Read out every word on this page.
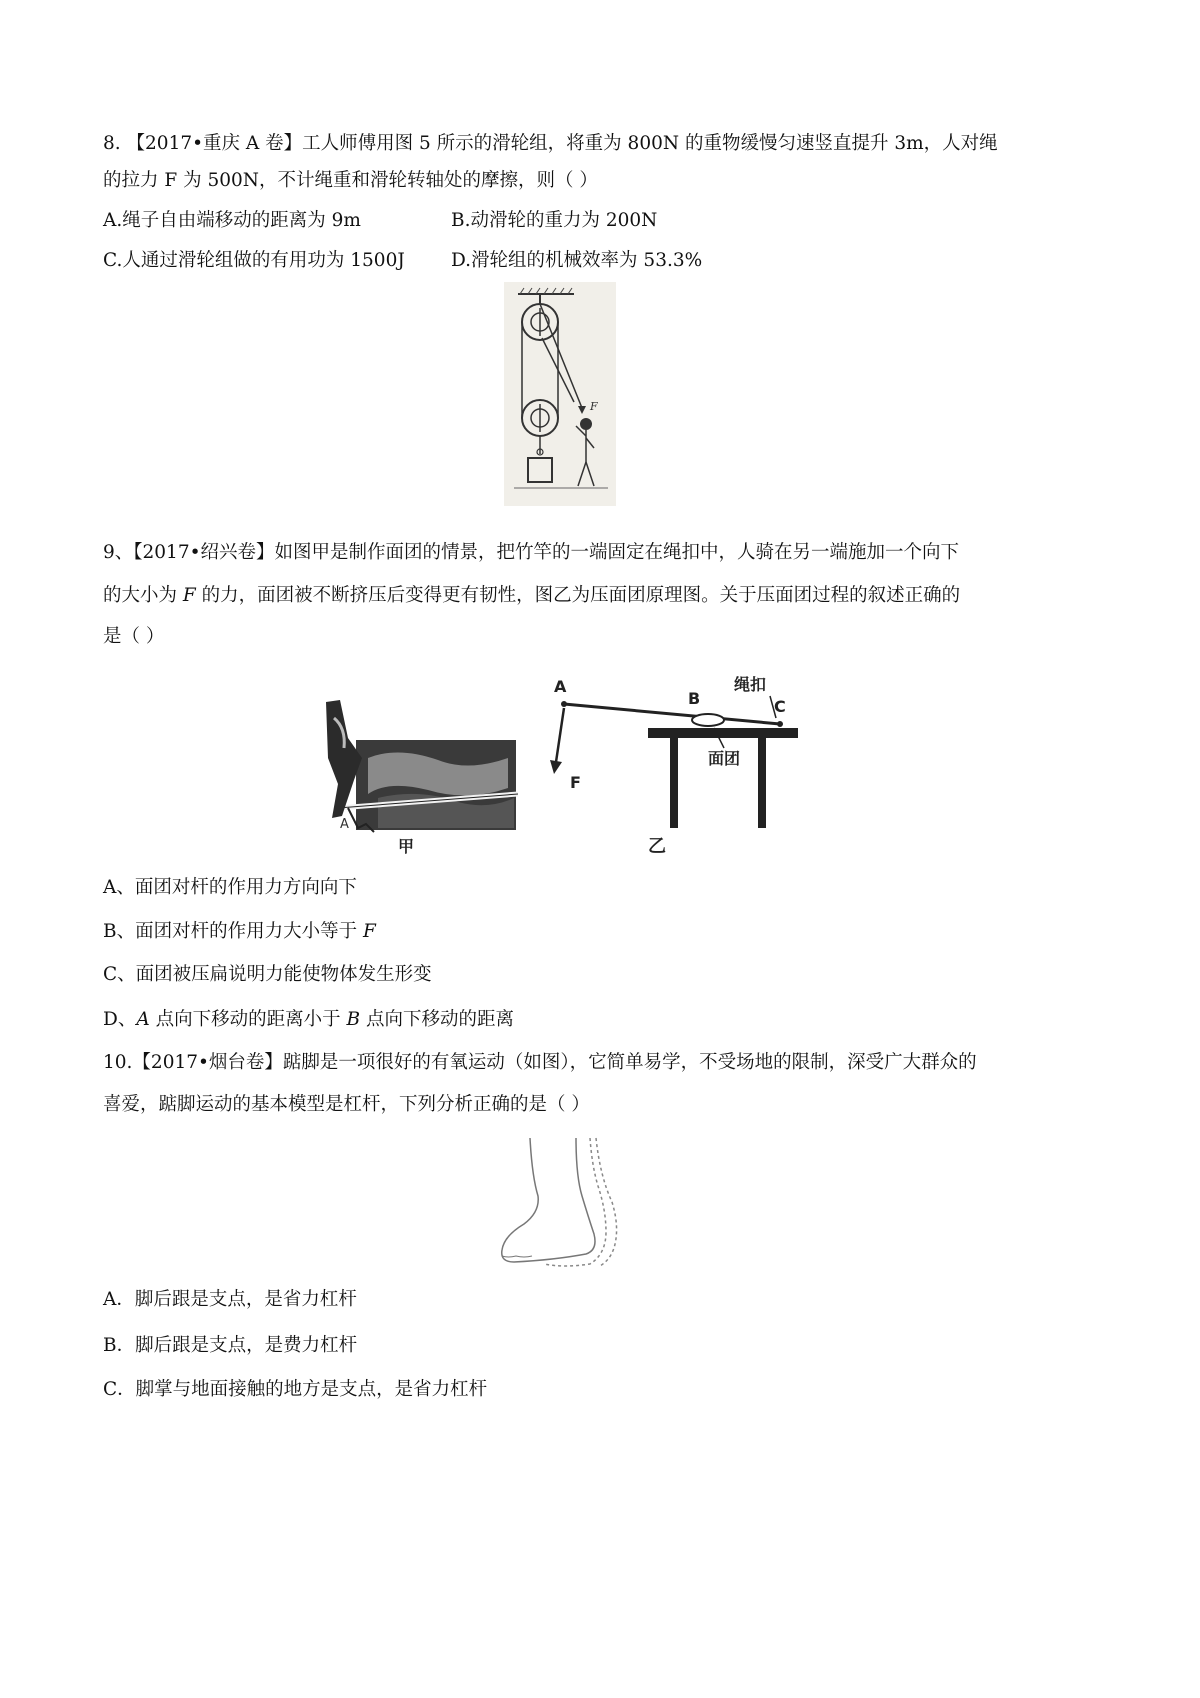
8. 【2017•重庆 A 卷】工人师傅用图 5 所示的滑轮组，将重为 800N 的重物缓慢匀速竖直提升 3m，人对绳
的拉力 F 为 500N，不计绳重和滑轮转轴处的摩擦，则（ ）
A.绳子自由端移动的距离为 9m	B.动滑轮的重力为 200N
C.人通过滑轮组做的有用功为 1500J D.滑轮组的机械效率为 53.3%
F
9、【2017•绍兴卷】如图甲是制作面团的情景，把竹竿的一端固定在绳扣中，人骑在另一端施加一个向下
的大小为 F 的力，面团被不断挤压后变得更有韧性，图乙为压面团原理图。关于压面团过程的叙述正确的
是（ ）
A
甲
A
B	C
绳扣
面团
F
乙
A、面团对杆的作用力方向向下
B、面团对杆的作用力大小等于 F
C、面团被压扁说明力能使物体发生形变
D、A 点向下移动的距离小于 B 点向下移动的距离
10.【2017•烟台卷】踮脚是一项很好的有氧运动（如图），它简单易学，不受场地的限制，深受广大群众的
喜爱，踮脚运动的基本模型是杠杆，下列分析正确的是（ ）
A．脚后跟是支点，是省力杠杆
B．脚后跟是支点，是费力杠杆
C．脚掌与地面接触的地方是支点，是省力杠杆
